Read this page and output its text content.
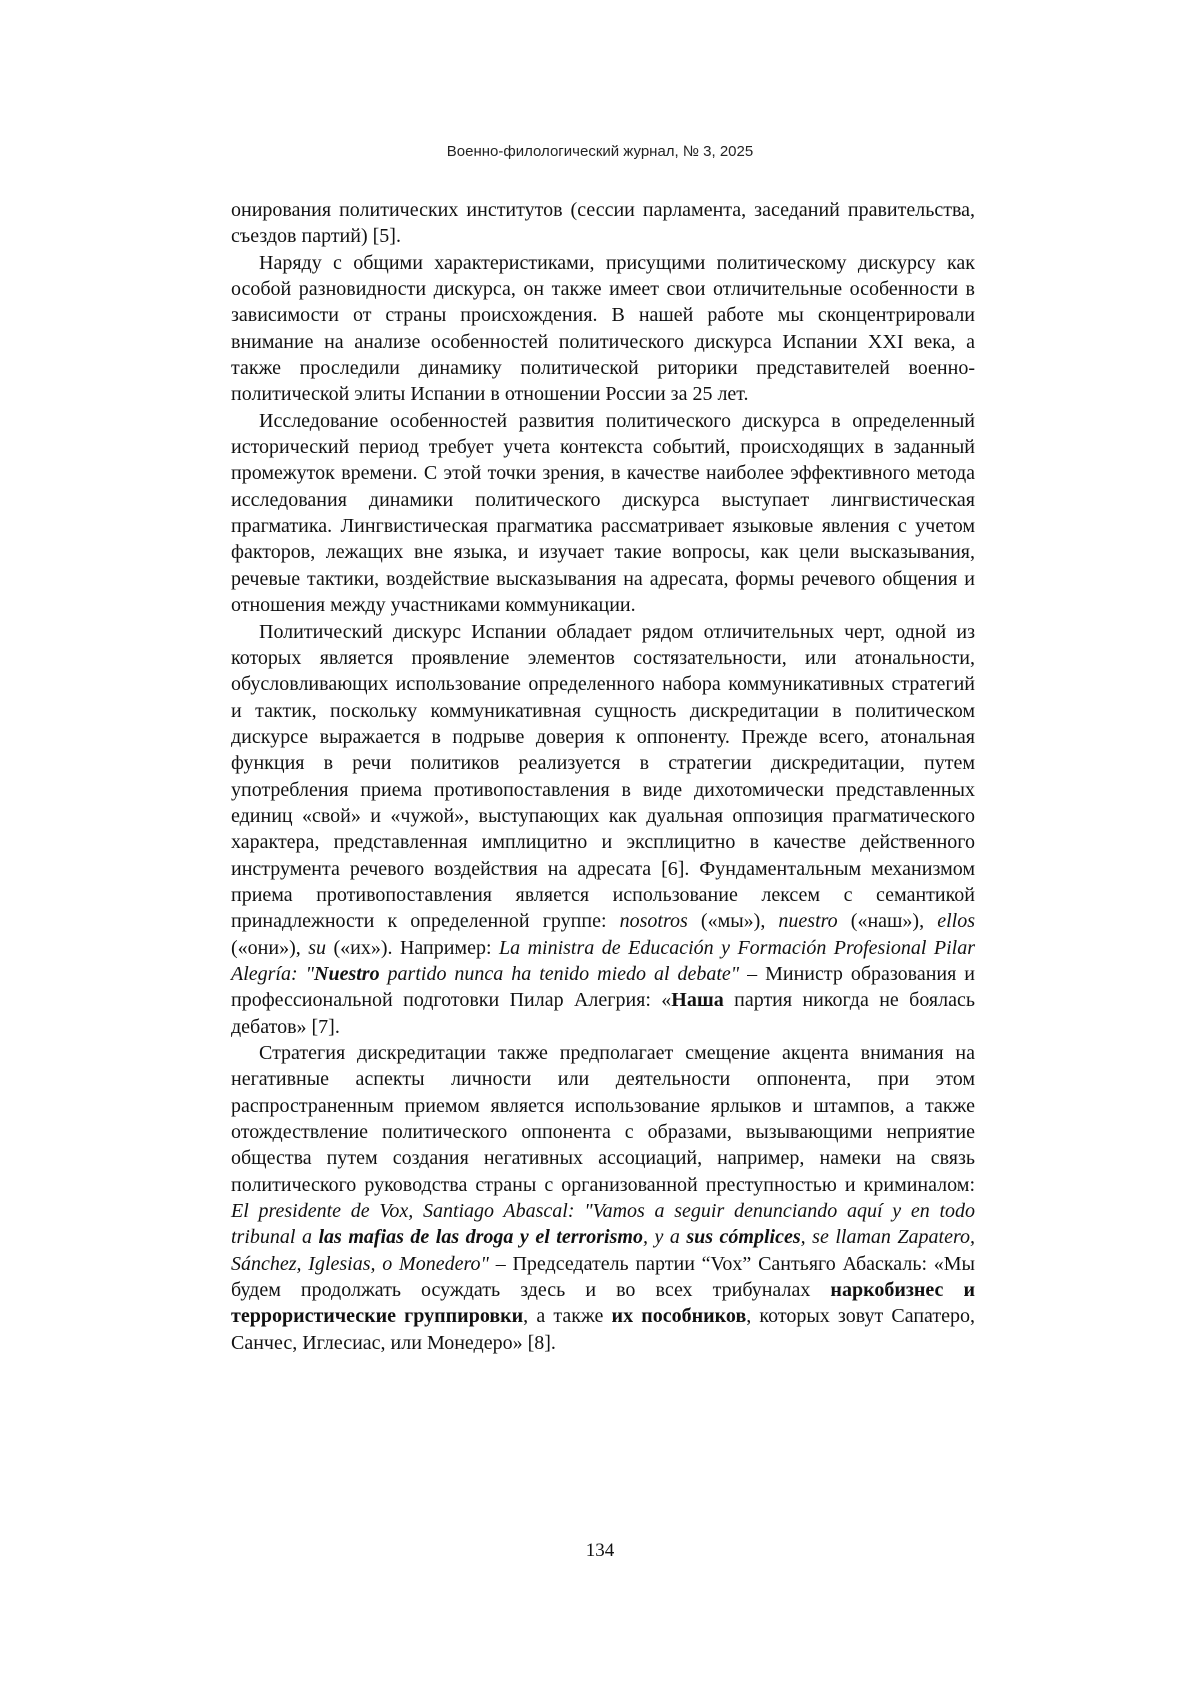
Военно-филологический журнал, № 3, 2025

онирования политических институтов (сессии парламента, заседаний правительства, съездов партий) [5].

Наряду с общими характеристиками, присущими политическому дискурсу как особой разновидности дискурса, он также имеет свои отличительные особенности в зависимости от страны происхождения. В нашей работе мы сконцентрировали внимание на анализе особенностей политического дискурса Испании XXI века, а также проследили динамику политической риторики представителей военно-политической элиты Испании в отношении России за 25 лет.

Исследование особенностей развития политического дискурса в определенный исторический период требует учета контекста событий, происходящих в заданный промежуток времени. С этой точки зрения, в качестве наиболее эффективного метода исследования динамики политического дискурса выступает лингвистическая прагматика. Лингвистическая прагматика рассматривает языковые явления с учетом факторов, лежащих вне языка, и изучает такие вопросы, как цели высказывания, речевые тактики, воздействие высказывания на адресата, формы речевого общения и отношения между участниками коммуникации.

Политический дискурс Испании обладает рядом отличительных черт, одной из которых является проявление элементов состязательности, или атональности, обусловливающих использование определенного набора коммуникативных стратегий и тактик, поскольку коммуникативная сущность дискредитации в политическом дискурсе выражается в подрыве доверия к оппоненту. Прежде всего, атональная функция в речи политиков реализуется в стратегии дискредитации, путем употребления приема противопоставления в виде дихотомически представленных единиц «свой» и «чужой», выступающих как дуальная оппозиция прагматического характера, представленная имплицитно и эксплицитно в качестве действенного инструмента речевого воздействия на адресата [6]. Фундаментальным механизмом приема противопоставления является использование лексем с семантикой принадлежности к определенной группе: nosotros («мы»), nuestro («наш»), ellos («они»), su («их»). Например: La ministra de Educación y Formación Profesional Pilar Alegría: "Nuestro partido nunca ha tenido miedo al debate" – Министр образования и профессиональной подготовки Пилар Алегрия: «Наша партия никогда не боялась дебатов» [7].

Стратегия дискредитации также предполагает смещение акцента внимания на негативные аспекты личности или деятельности оппонента, при этом распространенным приемом является использование ярлыков и штампов, а также отождествление политического оппонента с образами, вызывающими неприятие общества путем создания негативных ассоциаций, например, намеки на связь политического руководства страны с организованной преступностью и криминалом: El presidente de Vox, Santiago Abascal: "Vamos a seguir denunciando aquí y en todo tribunal a las mafias de las droga y el terrorismo, y a sus cómplices, se llaman Zapatero, Sánchez, Iglesias, o Monedero" – Председатель партии “Vox” Сантьяго Абаскаль: «Мы будем продолжать осуждать здесь и во всех трибуналах наркобизнес и террористические группировки, а также их пособников, которых зовут Сапатеро, Санчес, Иглесиас, или Монедеро» [8].

134
